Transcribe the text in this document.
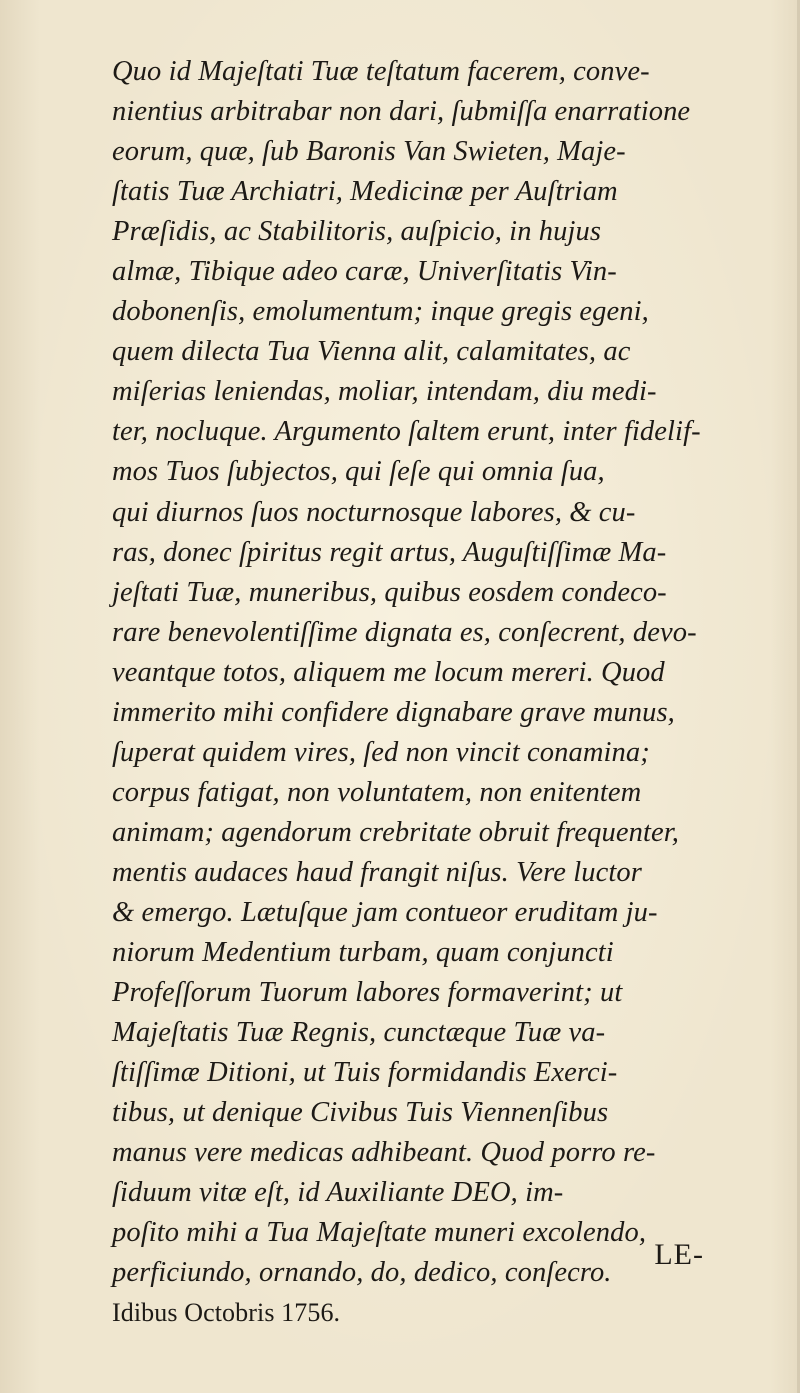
Quo id Majeſtati Tuæ teſtatum facerem, conve-
nientius arbitrabar non dari, ſubmiſſa enarratione
eorum, quæ, ſub Baronis Van Swieten, Maje-
ſtatis Tuæ Archiatri, Medicinæ per Auſtriam
Præſidis, ac Stabilitoris, auſpicio, in hujus
almæ, Tibique adeo caræ, Univerſitatis Vin-
dobonenſis, emolumentum; inque gregis egeni,
quem dilecta Tua Vienna alit, calamitates, ac
miſerias leniendas, moliar, intendam, diu medi-
ter, nocluque. Argumento ſaltem erunt, inter fidelif-
mos Tuos ſubjectos, qui ſeſe qui omnia ſua,
qui diurnos ſuos nocturnosque labores, & cu-
ras, donec ſpiritus regit artus, Auguſtiſſimæ Ma-
jeſtati Tuæ, muneribus, quibus eosdem condeco-
rare benevolentiſſime dignata es, conſecrent, devo-
veantque totos, aliquem me locum mereri. Quod
immerito mihi confidere dignabare grave munus,
ſuperat quidem vires, ſed non vincit conamina;
corpus fatigat, non voluntatem, non enitentem
animam; agendorum crebritate obruit frequenter,
mentis audaces haud frangit niſus. Vere luctor
& emergo. Lætuſque jam contueor eruditam ju-
niorum Medentium turbam, quam conjuncti
Profeſſorum Tuorum labores formaverint; ut
Majeſtatis Tuæ Regnis, cunctæque Tuæ va-
ſtiſſimæ Ditioni, ut Tuis formidandis Exerci-
tibus, ut denique Civibus Tuis Viennenſibus
manus vere medicas adhibeant. Quod porro re-
ſiduum vitæ eſt, id Auxiliante DEO, im-
poſito mihi a Tua Majeſtate muneri excolendo,
perficiundo, ornando, do, dedico, conſecro.
Idibus Octobris 1756.
LE-
